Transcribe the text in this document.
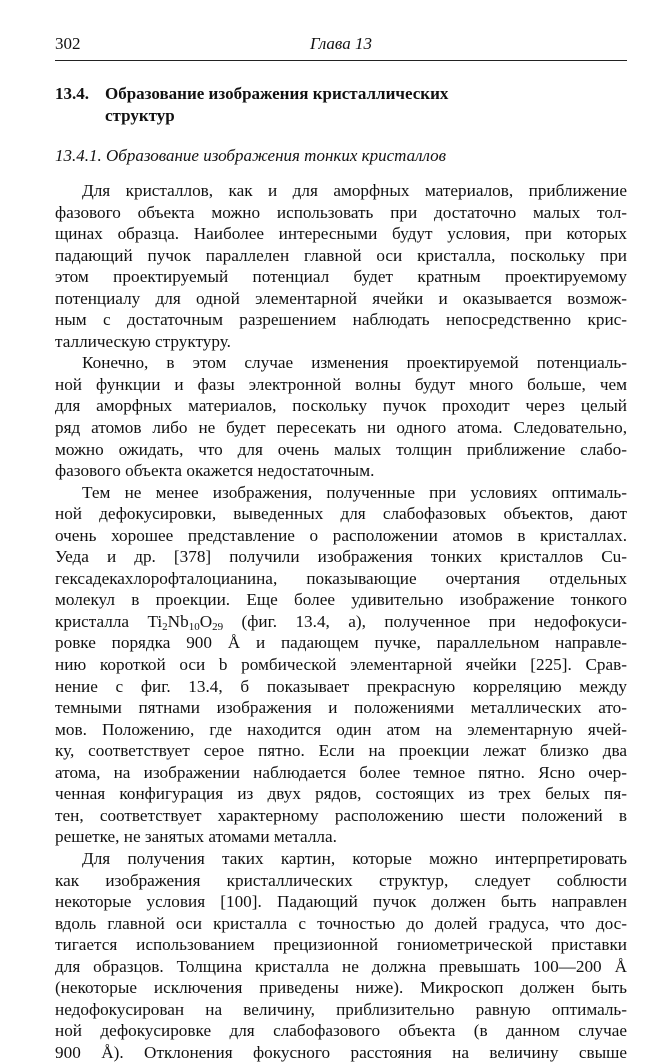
302	Глава 13
13.4. Образование изображения кристаллических
структур
13.4.1. Образование изображения тонких кристаллов
Для кристаллов, как и для аморфных материалов, приближение
фазового объекта можно использовать при достаточно малых тол-
щинах образца. Наиболее интересными будут условия, при которых
падающий пучок параллелен главной оси кристалла, поскольку при
этом проектируемый потенциал будет кратным проектируемому
потенциалу для одной элементарной ячейки и оказывается возмож-
ным с достаточным разрешением наблюдать непосредственно крис-
таллическую структуру.
Конечно, в этом случае изменения проектируемой потенциаль-
ной функции и фазы электронной волны будут много больше, чем
для аморфных материалов, поскольку пучок проходит через целый
ряд атомов либо не будет пересекать ни одного атома. Следовательно,
можно ожидать, что для очень малых толщин приближение слабо-
фазового объекта окажется недостаточным.
Тем не менее изображения, полученные при условиях оптималь-
ной дефокусировки, выведенных для слабофазовых объектов, дают
очень хорошее представление о расположении атомов в кристаллах.
Уеда и др. [378] получили изображения тонких кристаллов Cu-
гексадекахлорофталоцианина, показывающие очертания отдельных
молекул в проекции. Еще более удивительно изображение тонкого
кристалла $Ti_2Nb_{10}O_{29}$ (фиг. 13.4, а), полученное при недофокуси-
ровке порядка 900 Å и падающем пучке, параллельном направле-
нию короткой оси b ромбической элементарной ячейки [225]. Срав-
нение с фиг. 13.4, б показывает прекрасную корреляцию между
темными пятнами изображения и положениями металлических ато-
мов. Положению, где находится один атом на элементарную ячей-
ку, соответствует серое пятно. Если на проекции лежат близко два
атома, на изображении наблюдается более темное пятно. Ясно очер-
ченная конфигурация из двух рядов, состоящих из трех белых пя-
тен, соответствует характерному расположению шести положений в
решетке, не занятых атомами металла.
Для получения таких картин, которые можно интерпретировать
как изображения кристаллических структур, следует соблюсти
некоторые условия [100]. Падающий пучок должен быть направлен
вдоль главной оси кристалла с точностью до долей градуса, что дос-
тигается использованием прецизионной гониометрической приставки
для образцов. Толщина кристалла не должна превышать 100—200 Å
(некоторые исключения приведены ниже). Микроскоп должен быть
недофокусирован на величину, приблизительно равную оптималь-
ной дефокусировке для слабофазового объекта (в данном случае
900 Å). Отклонения фокусного расстояния на величину свыше
